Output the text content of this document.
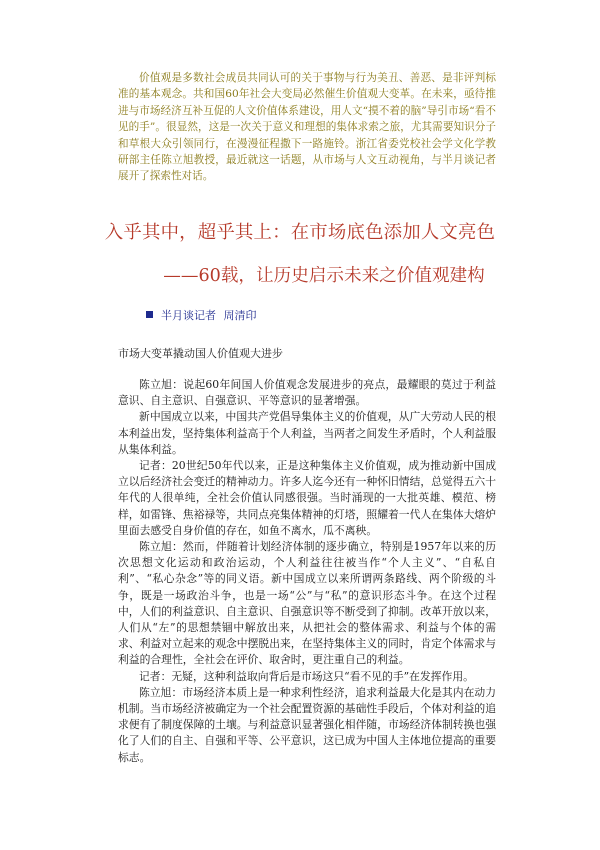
价值观是多数社会成员共同认可的关于事物与行为美丑、善恶、是非评判标准的基本观念。共和国60年社会大变局必然催生价值观大变革。在未来，亟待推进与市场经济互补互促的人文价值体系建设，用人文“摸不着的脑”导引市场“看不见的手”。很显然，这是一次关于意义和理想的集体求索之旅，尤其需要知识分子和草根大众引领同行，在漫漫征程撒下一路施铃。浙江省委党校社会学文化学教研部主任陈立旭教授，最近就这一话题，从市场与人文互动视角，与半月谈记者展开了探索性对话。

入乎其中，超乎其上：在市场底色添加人文亮色
——60载，让历史启示未来之价值观建构
半月谈记者 周清印
市场大变革撬动国人价值观大进步

陈立旭：说起60年间国人价值观念发展进步的亮点，最耀眼的莫过于利益意识、自主意识、自强意识、平等意识的显著增强。

新中国成立以来，中国共产党倡导集体主义的价值观，从广大劳动人民的根本利益出发，坚持集体利益高于个人利益，当两者之间发生矛盾时，个人利益服从集体利益。

记者：20世纪50年代以来，正是这种集体主义价值观，成为推动新中国成立以后经济社会变迁的精神动力。许多人迄今还有一种怀旧情结，总觉得五六十年代的人很单纯，全社会价值认同感很强。当时涌现的一大批英雄、模范、榜样，如雷锋、焦裕禄等，共同点亮集体精神的灯塔，照耀着一代人在集体大熔炉里面去感受自身价值的存在，如鱼不离水，瓜不离秧。

陈立旭：然而，伴随着计划经济体制的逐步确立，特别是1957年以来的历次思想文化运动和政治运动，个人利益往往被当作“个人主义”、“自私自利”、“私心杂念”等的同义语。新中国成立以来所谓两条路线、两个阶级的斗争，既是一场政治斗争，也是一场“公”与“私”的意识形态斗争。在这个过程中，人们的利益意识、自主意识、自强意识等不断受到了抑制。改革开放以来，人们从“左”的思想禁锢中解放出来，从把社会的整体需求、利益与个体的需求、利益对立起来的观念中摆脱出来，在坚持集体主义的同时，肯定个体需求与利益的合理性，全社会在评价、取舍时，更注重自己的利益。

记者：无疑，这种利益取向背后是市场这只“看不见的手”在发挥作用。

陈立旭：市场经济本质上是一种求利性经济，追求利益最大化是其内在动力机制。当市场经济被确定为一个社会配置资源的基础性手段后，个体对利益的追求便有了制度保障的土壤。与利益意识显著强化相伴随，市场经济体制转换也强化了人们的自主、自强和平等、公平意识，这已成为中国人主体地位提高的重要标志。
